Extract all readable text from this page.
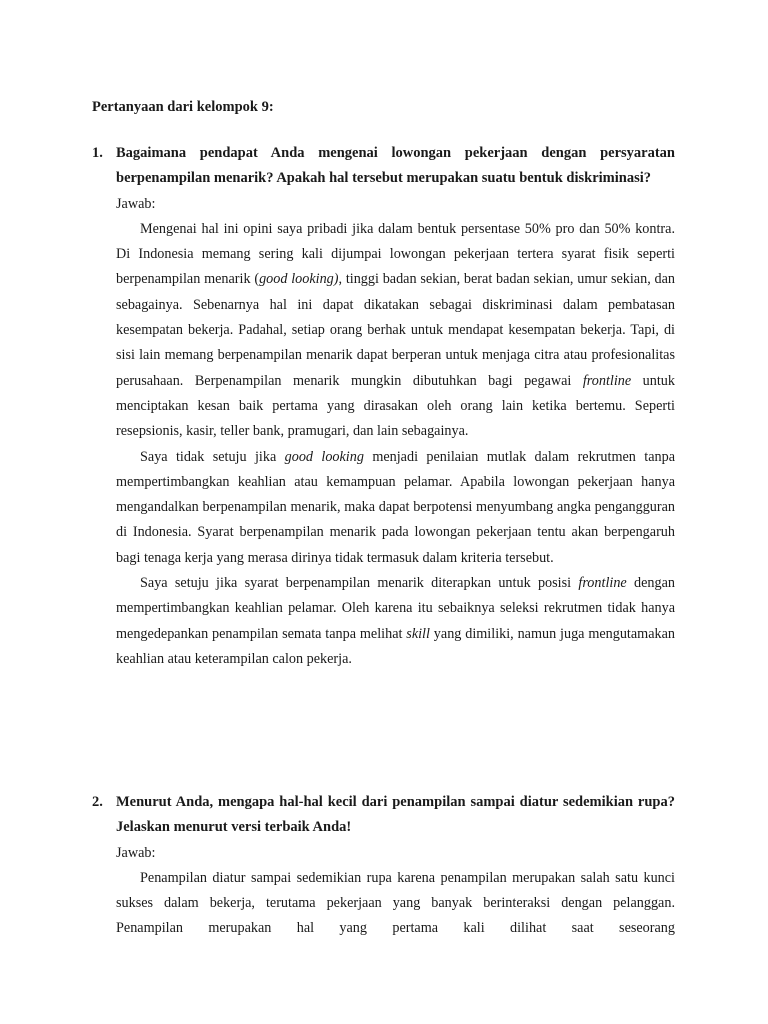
Pertanyaan dari kelompok 9:

1. Bagaimana pendapat Anda mengenai lowongan pekerjaan dengan persyaratan berpenampilan menarik? Apakah hal tersebut merupakan suatu bentuk diskriminasi?

Jawab:

Mengenai hal ini opini saya pribadi jika dalam bentuk persentase 50% pro dan 50% kontra. Di Indonesia memang sering kali dijumpai lowongan pekerjaan tertera syarat fisik seperti berpenampilan menarik (good looking), tinggi badan sekian, berat badan sekian, umur sekian, dan sebagainya. Sebenarnya hal ini dapat dikatakan sebagai diskriminasi dalam pembatasan kesempatan bekerja. Padahal, setiap orang berhak untuk mendapat kesempatan bekerja. Tapi, di sisi lain memang berpenampilan menarik dapat berperan untuk menjaga citra atau profesionalitas perusahaan. Berpenampilan menarik mungkin dibutuhkan bagi pegawai frontline untuk menciptakan kesan baik pertama yang dirasakan oleh orang lain ketika bertemu. Seperti resepsionis, kasir, teller bank, pramugari, dan lain sebagainya.

Saya tidak setuju jika good looking menjadi penilaian mutlak dalam rekrutmen tanpa mempertimbangkan keahlian atau kemampuan pelamar. Apabila lowongan pekerjaan hanya mengandalkan berpenampilan menarik, maka dapat berpotensi menyumbang angka pengangguran di Indonesia. Syarat berpenampilan menarik pada lowongan pekerjaan tentu akan berpengaruh bagi tenaga kerja yang merasa dirinya tidak termasuk dalam kriteria tersebut.

Saya setuju jika syarat berpenampilan menarik diterapkan untuk posisi frontline dengan mempertimbangkan keahlian pelamar. Oleh karena itu sebaiknya seleksi rekrutmen tidak hanya mengedepankan penampilan semata tanpa melihat skill yang dimiliki, namun juga mengutamakan keahlian atau keterampilan calon pekerja.

2. Menurut Anda, mengapa hal-hal kecil dari penampilan sampai diatur sedemikian rupa? Jelaskan menurut versi terbaik Anda!

Jawab:

Penampilan diatur sampai sedemikian rupa karena penampilan merupakan salah satu kunci sukses dalam bekerja, terutama pekerjaan yang banyak berinteraksi dengan pelanggan. Penampilan merupakan hal yang pertama kali dilihat saat seseorang
